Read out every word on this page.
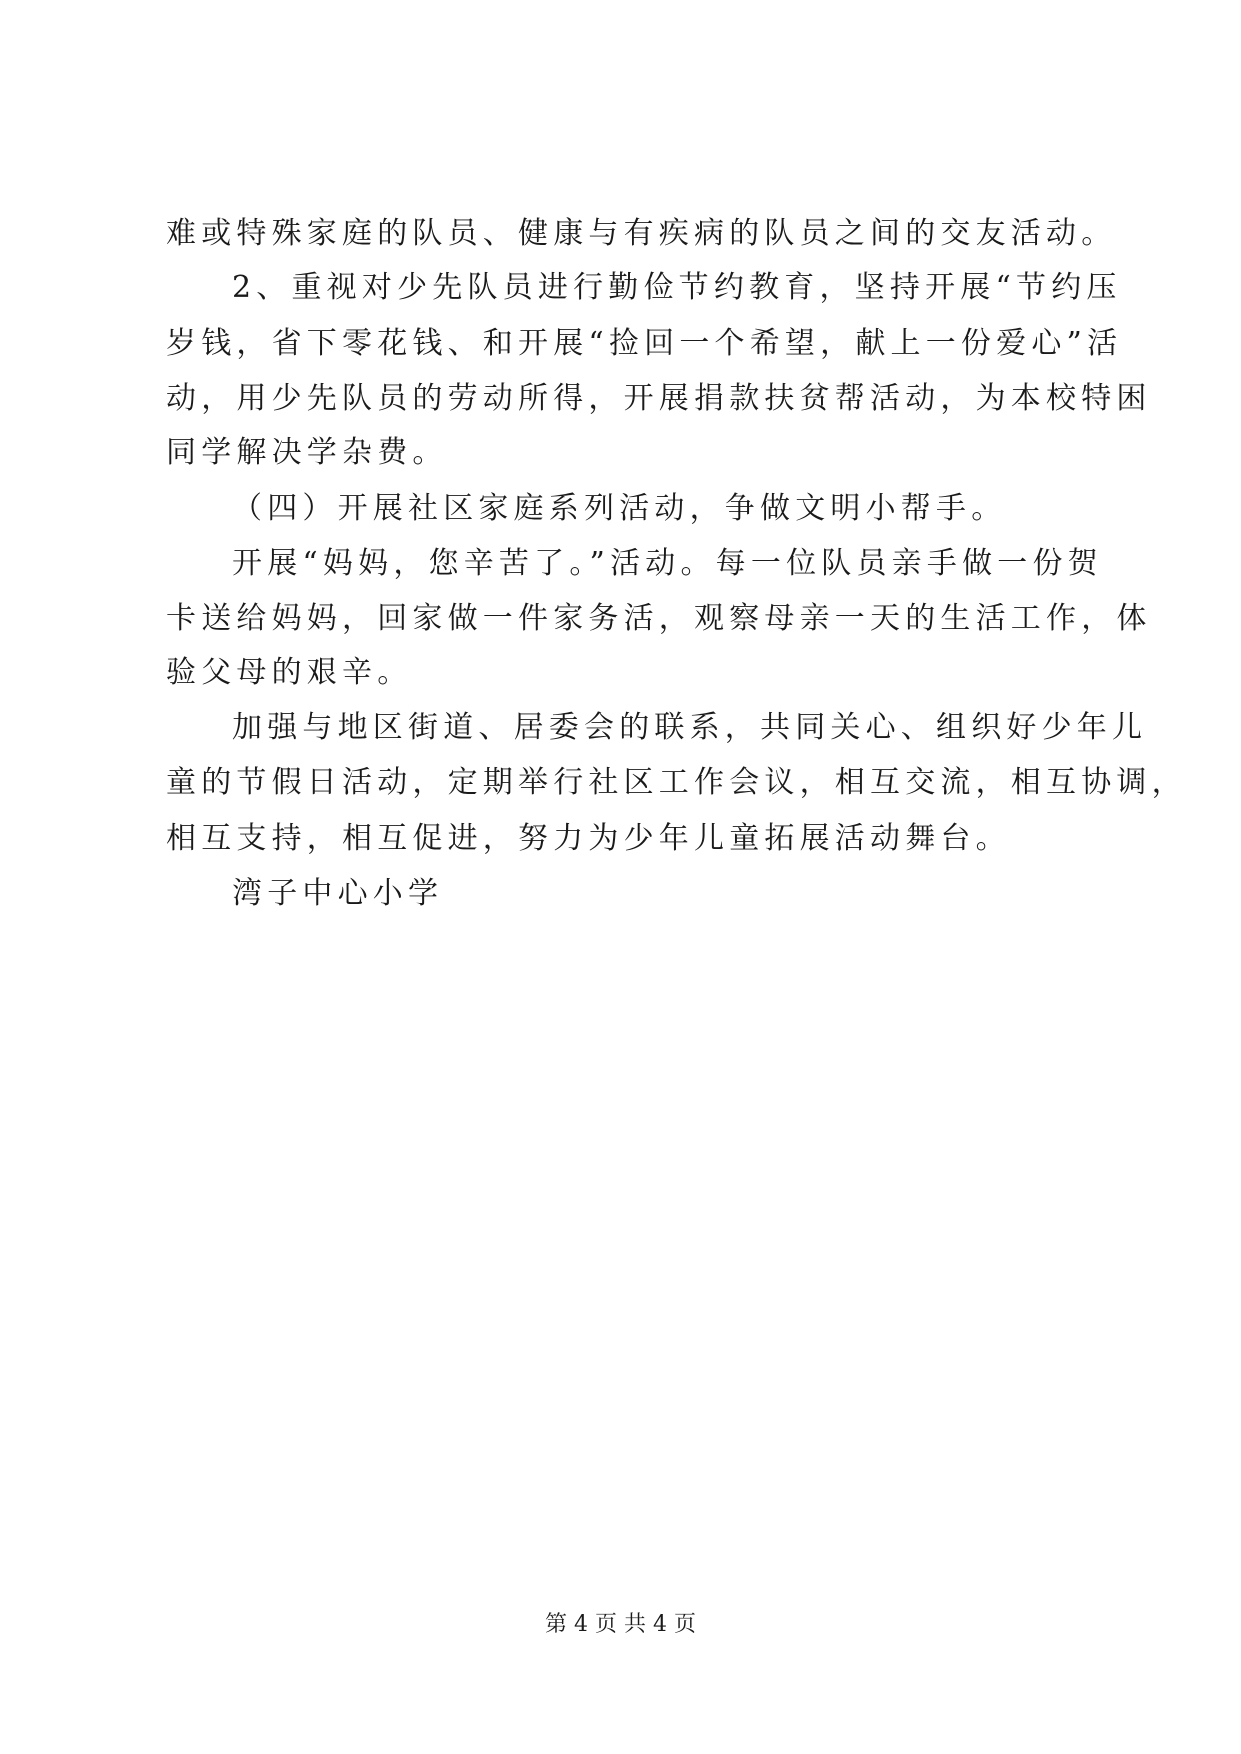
难或特殊家庭的队员、健康与有疾病的队员之间的交友活动。
2、重视对少先队员进行勤俭节约教育，坚持开展“节约压
岁钱，省下零花钱、和开展“捡回一个希望，献上一份爱心”活
动，用少先队员的劳动所得，开展捐款扶贫帮活动，为本校特困
同学解决学杂费。
（四）开展社区家庭系列活动，争做文明小帮手。
开展“妈妈，您辛苦了。”活动。每一位队员亲手做一份贺
卡送给妈妈，回家做一件家务活，观察母亲一天的生活工作，体
验父母的艰辛。
加强与地区街道、居委会的联系，共同关心、组织好少年儿
童的节假日活动，定期举行社区工作会议，相互交流，相互协调，
相互支持，相互促进，努力为少年儿童拓展活动舞台。
湾子中心小学
第 4 页 共 4 页
